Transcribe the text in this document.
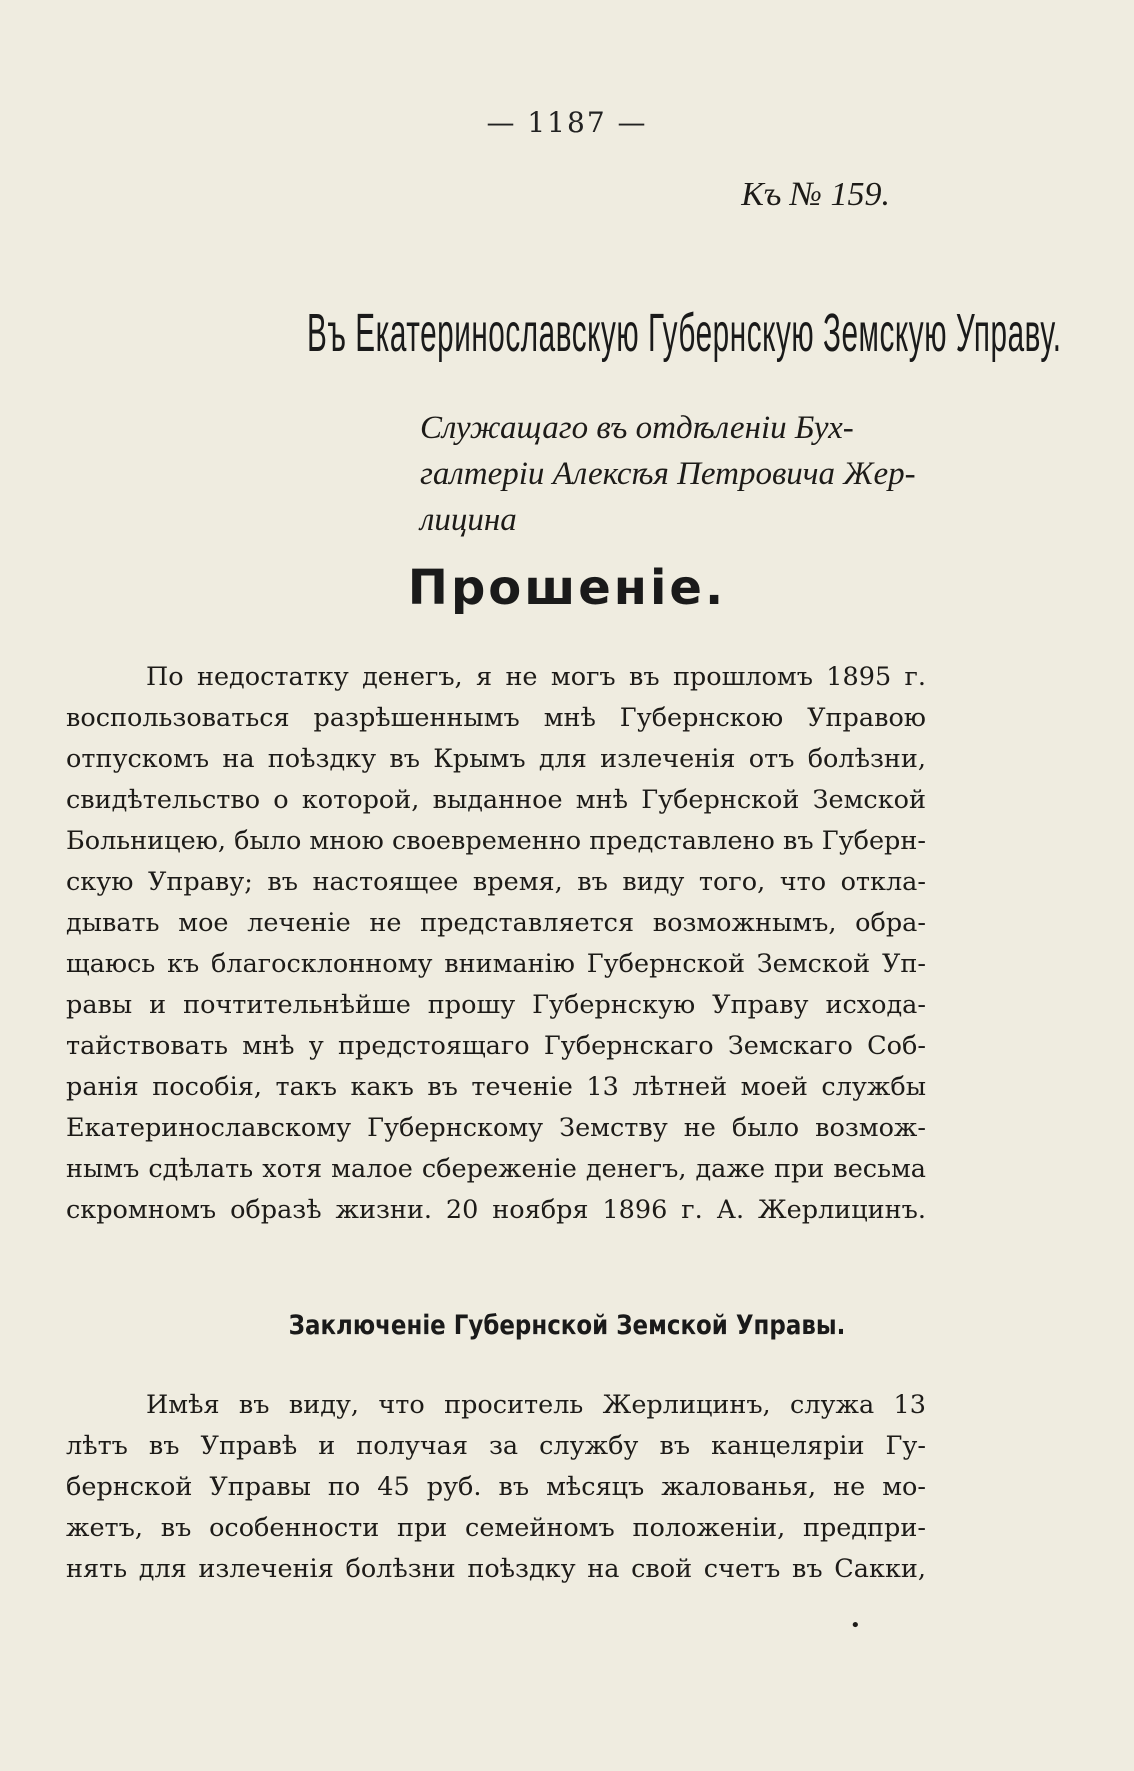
— 1187 —
Къ № 159.
Въ Екатеринославскую Губернскую Земскую Управу.
Служащаго въ отдѣленіи Бух-
галтеріи Алексѣя Петровича Жер-
лицина
Прошеніе.
По недостатку денегъ, я не могъ въ прошломъ 1895 г.
воспользоваться разрѣшеннымъ мнѣ Губернскою Управою
отпускомъ на поѣздку въ Крымъ для излеченія отъ болѣзни,
свидѣтельство о которой, выданное мнѣ Губернской Земской
Больницею, было мною своевременно представлено въ Губерн-
скую Управу; въ настоящее время, въ виду того, что откла-
дывать мое леченіе не представляется возможнымъ, обра-
щаюсь къ благосклонному вниманію Губернской Земской Уп-
равы и почтительнѣйше прошу Губернскую Управу исхода-
тайствовать мнѣ у предстоящаго Губернскаго Земскаго Соб-
ранія пособія, такъ какъ въ теченіе 13 лѣтней моей службы
Екатеринославскому Губернскому Земству не было возмож-
нымъ сдѣлать хотя малое сбереженіе денегъ, даже при весьма
скромномъ образѣ жизни. 20 ноября 1896 г. А. Жерлицинъ.
Заключеніе Губернской Земской Управы.
Имѣя въ виду, что проситель Жерлицинъ, служа 13
лѣтъ въ Управѣ и получая за службу въ канцеляріи Гу-
бернской Управы по 45 руб. въ мѣсяцъ жалованья, не мо-
жетъ, въ особенности при семейномъ положеніи, предпри-
нять для излеченія болѣзни поѣздку на свой счетъ въ Сакки,
•
